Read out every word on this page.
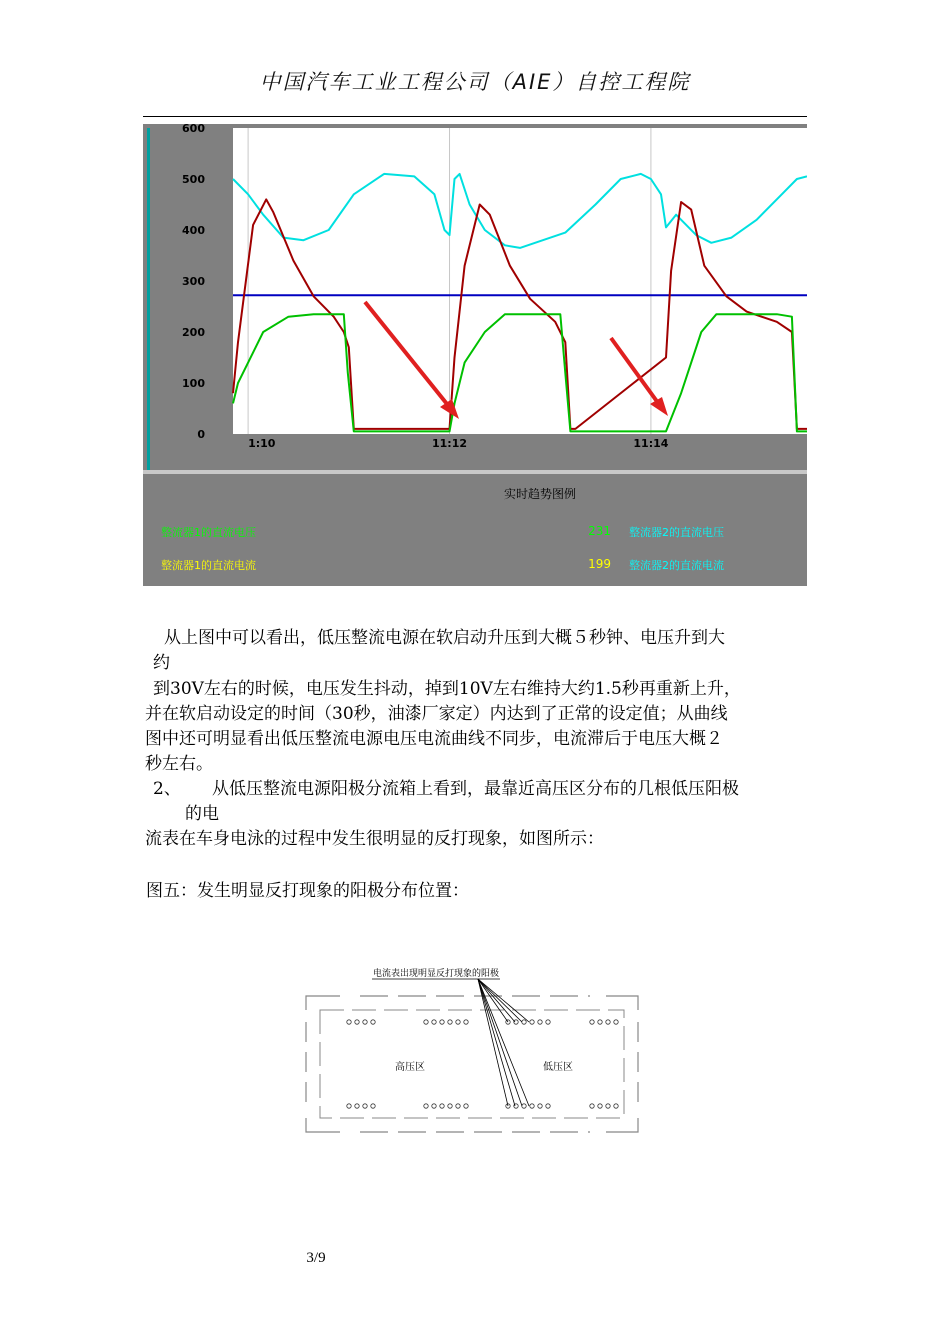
中国汽车工业工程公司（AIE）自控工程院
1:10	11:12	11:14
0
100
200
300
400
500
600
实时趋势图例
整流器1的直流电压	231 整流器2的直流电压
整流器1的直流电流	199 整流器2的直流电流
从上图中可以看出，低压整流电源在软启动升压到大概５秒钟、电压升到大
约
到30V左右的时候，电压发生抖动，掉到10V左右维持大约1.5秒再重新上升，
并在软启动设定的时间（30秒，油漆厂家定）内达到了正常的设定值；从曲线
图中还可明显看出低压整流电源电压电流曲线不同步，电流滞后于电压大概２
秒左右。
2、 从低压整流电源阳极分流箱上看到，最靠近高压区分布的几根低压阳极
的电
流表在车身电泳的过程中发生很明显的反打现象，如图所示：
图五：发生明显反打现象的阳极分布位置：
电流表出现明显反打现象的阳极
高压区	低压区
3/9
